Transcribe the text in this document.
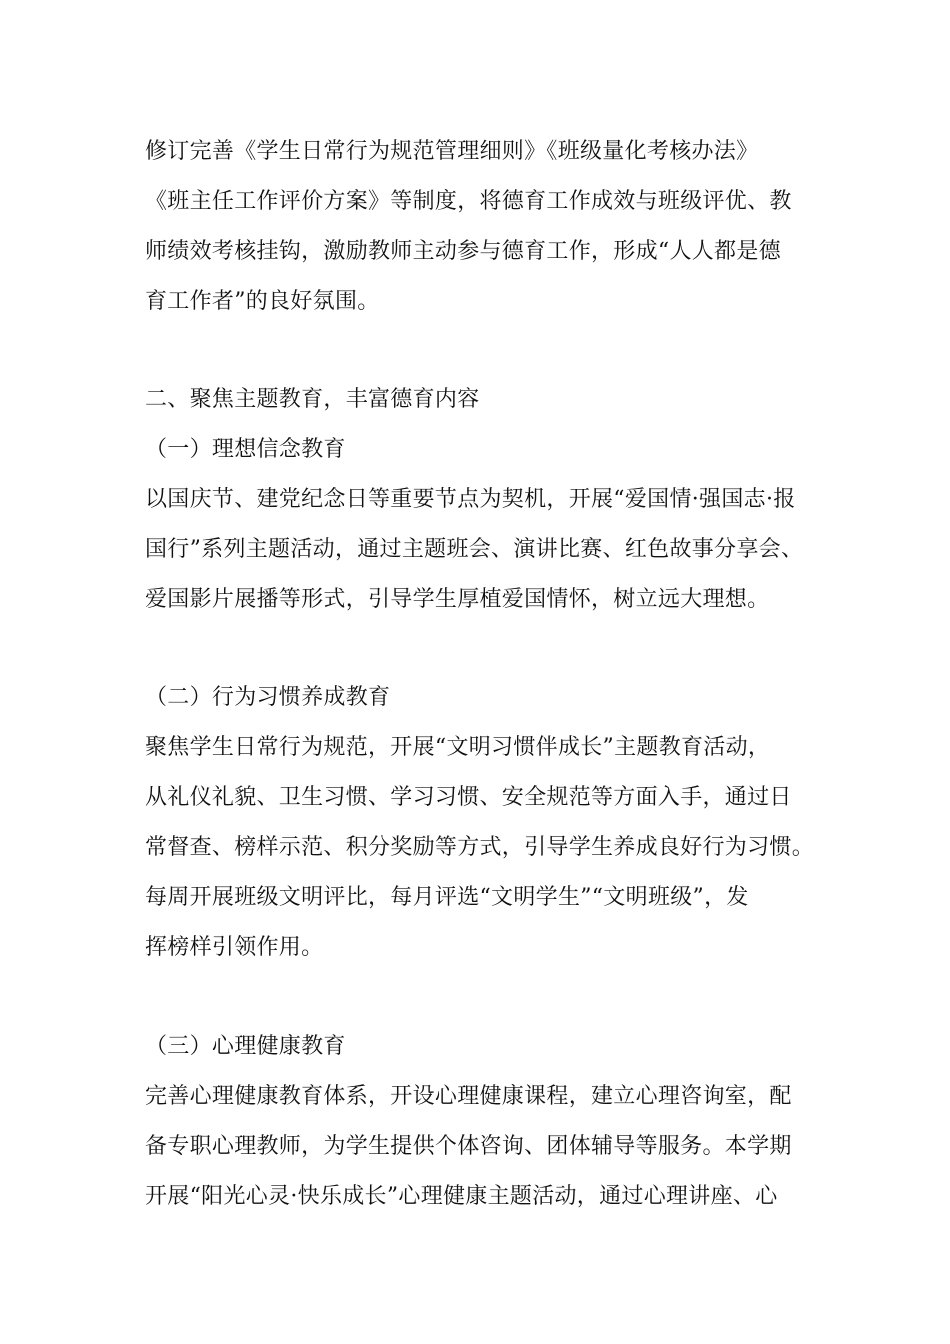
修订完善《学生日常行为规范管理细则》《班级量化考核办法》
《班主任工作评价方案》等制度，将德育工作成效与班级评优、教
师绩效考核挂钩，激励教师主动参与德育工作，形成“人人都是德
育工作者”的良好氛围。
二、聚焦主题教育，丰富德育内容
（一）理想信念教育
以国庆节、建党纪念日等重要节点为契机，开展“爱国情·强国志·报
国行”系列主题活动，通过主题班会、演讲比赛、红色故事分享会、
爱国影片展播等形式，引导学生厚植爱国情怀，树立远大理想。
（二）行为习惯养成教育
聚焦学生日常行为规范，开展“文明习惯伴成长”主题教育活动，
从礼仪礼貌、卫生习惯、学习习惯、安全规范等方面入手，通过日
常督查、榜样示范、积分奖励等方式，引导学生养成良好行为习惯。
每周开展班级文明评比，每月评选“文明学生”“文明班级”，发
挥榜样引领作用。
（三）心理健康教育
完善心理健康教育体系，开设心理健康课程，建立心理咨询室，配
备专职心理教师，为学生提供个体咨询、团体辅导等服务。本学期
开展“阳光心灵·快乐成长”心理健康主题活动，通过心理讲座、心
